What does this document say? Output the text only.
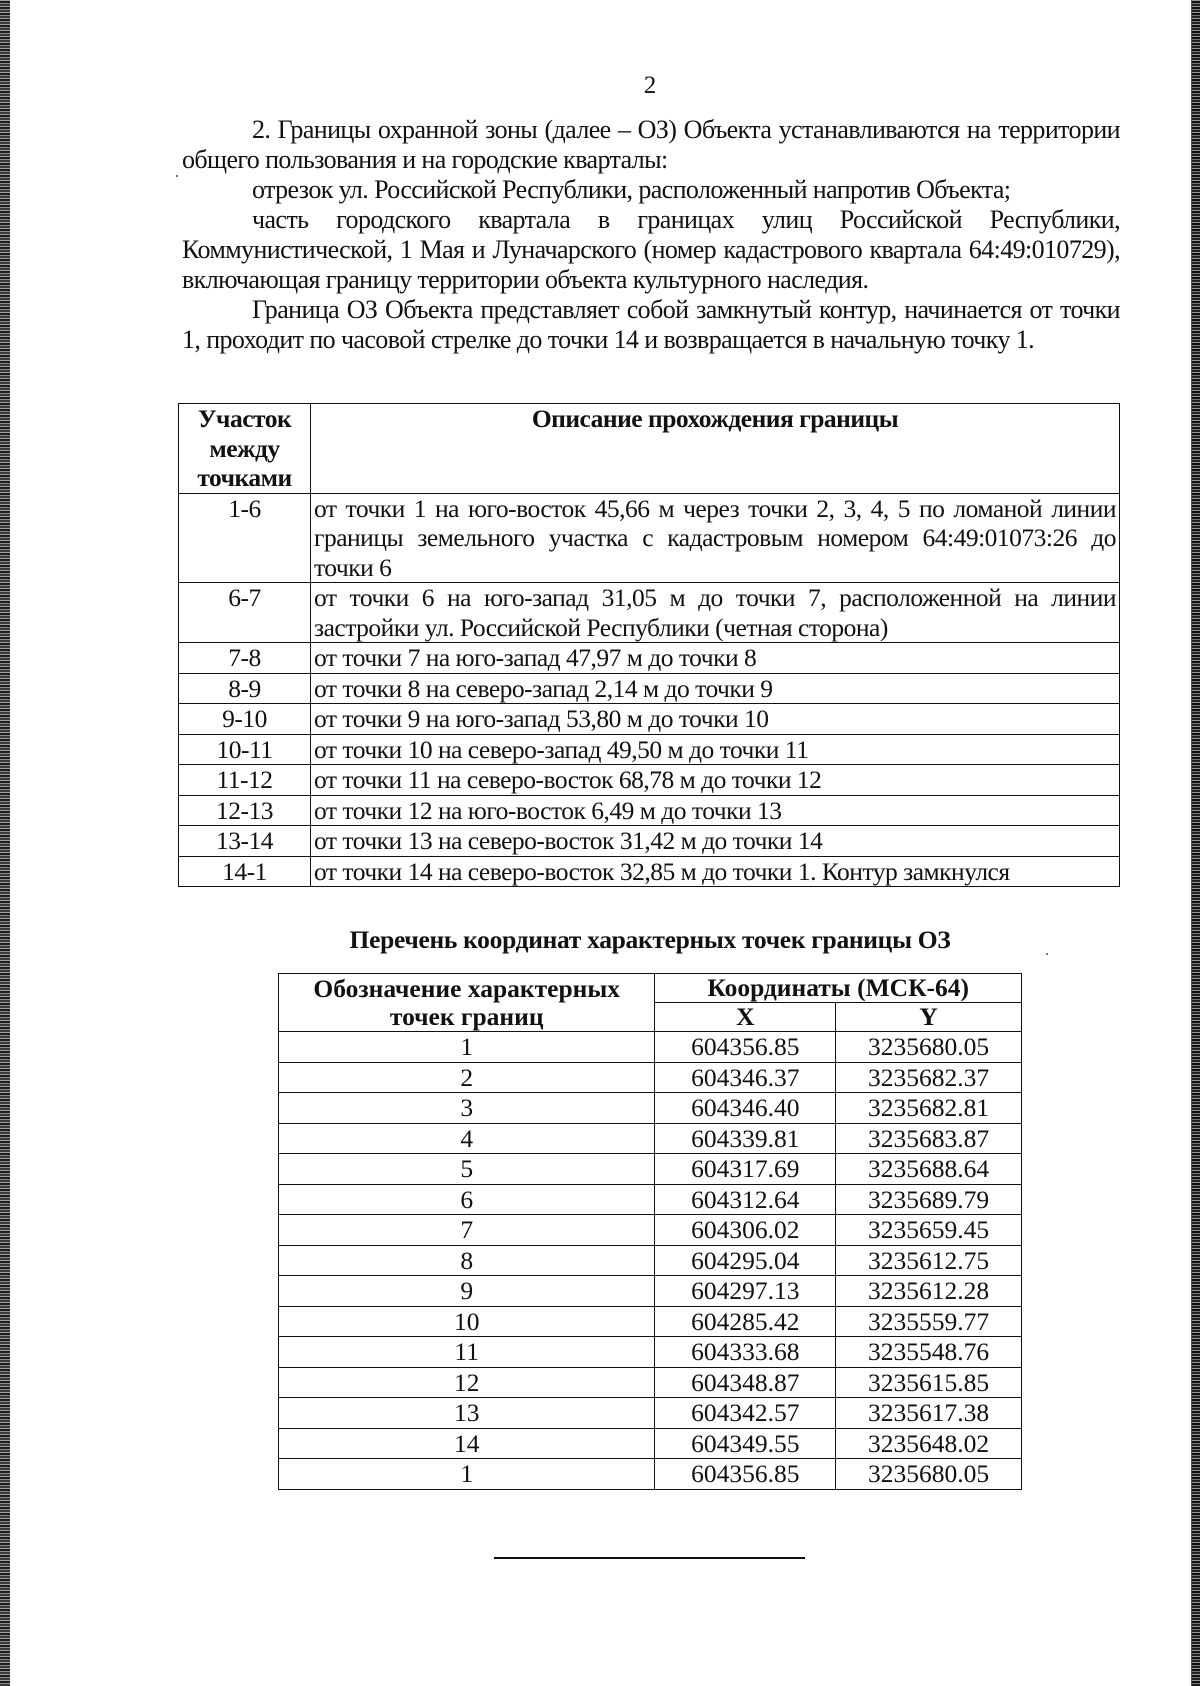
2

2. Границы охранной зоны (далее – ОЗ) Объекта устанавливаются на территории общего пользования и на городские кварталы:

отрезок ул. Российской Республики, расположенный напротив Объекта;

часть городского квартала в границах улиц Российской Республики, Коммунистической, 1 Мая и Луначарского (номер кадастрового квартала 64:49:010729), включающая границу территории объекта культурного наследия.

Граница ОЗ Объекта представляет собой замкнутый контур, начинается от точки 1, проходит по часовой стрелке до точки 14 и возвращается в начальную точку 1.

Участок между точками	Описание прохождения границы
1-6	от точки 1 на юго-восток 45,66 м через точки 2, 3, 4, 5 по ломаной линии границы земельного участка с кадастровым номером 64:49:01073:26 до точки 6
6-7	от точки 6 на юго-запад 31,05 м до точки 7, расположенной на линии застройки ул. Российской Республики (четная сторона)
7-8	от точки 7 на юго-запад 47,97 м до точки 8
8-9	от точки 8 на северо-запад 2,14 м до точки 9
9-10	от точки 9 на юго-запад 53,80 м до точки 10
10-11	от точки 10 на северо-запад 49,50 м до точки 11
11-12	от точки 11 на северо-восток 68,78 м до точки 12
12-13	от точки 12 на юго-восток 6,49 м до точки 13
13-14	от точки 13 на северо-восток 31,42 м до точки 14
14-1	от точки 14 на северо-восток 32,85 м до точки 1. Контур замкнулся
Перечень координат характерных точек границы ОЗ
Обозначение характерных точек границ	Координаты (МСК-64)	
	X	Y
1	604356.85	3235680.05
2	604346.37	3235682.37
3	604346.40	3235682.81
4	604339.81	3235683.87
5	604317.69	3235688.64
6	604312.64	3235689.79
7	604306.02	3235659.45
8	604295.04	3235612.75
9	604297.13	3235612.28
10	604285.42	3235559.77
11	604333.68	3235548.76
12	604348.87	3235615.85
13	604342.57	3235617.38
14	604349.55	3235648.02
1	604356.85	3235680.05
